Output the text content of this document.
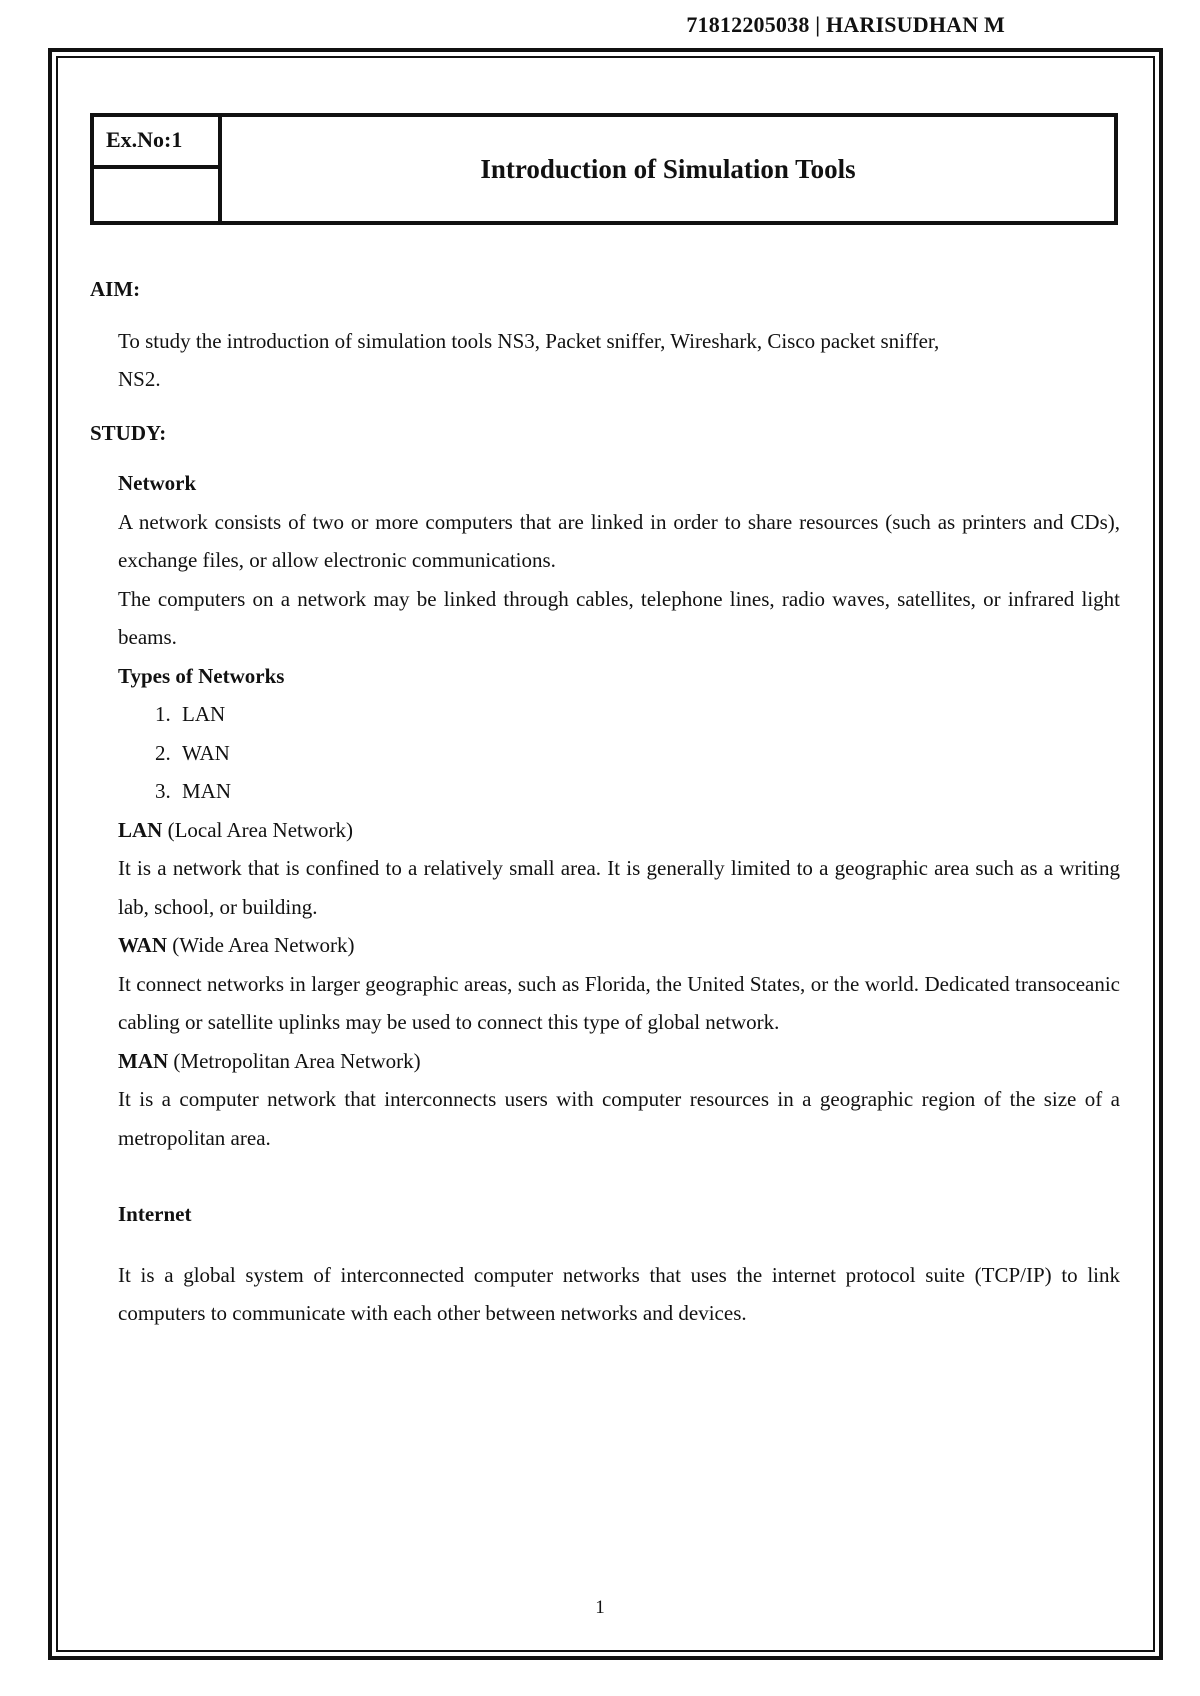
71812205038 | HARISUDHAN M
Ex.No:1
Introduction of Simulation Tools

AIM:

To study the introduction of simulation tools NS3, Packet sniffer, Wireshark, Cisco packet sniffer,
NS2.

STUDY:

Network

A network consists of two or more computers that are linked in order to share resources (such as printers and CDs), exchange files, or allow electronic communications.

The computers on a network may be linked through cables, telephone lines, radio waves, satellites, or infrared light beams.

Types of Networks

1. LAN
2. WAN
3. MAN

LAN (Local Area Network)

It is a network that is confined to a relatively small area. It is generally limited to a geographic area such as a writing lab, school, or building.

WAN (Wide Area Network)

It connect networks in larger geographic areas, such as Florida, the United States, or the world. Dedicated transoceanic cabling or satellite uplinks may be used to connect this type of global network.

MAN (Metropolitan Area Network)

It is a computer network that interconnects users with computer resources in a geographic region of the size of a metropolitan area.

Internet

It is a global system of interconnected computer networks that uses the internet protocol suite (TCP/IP) to link computers to communicate with each other between networks and devices.

1
